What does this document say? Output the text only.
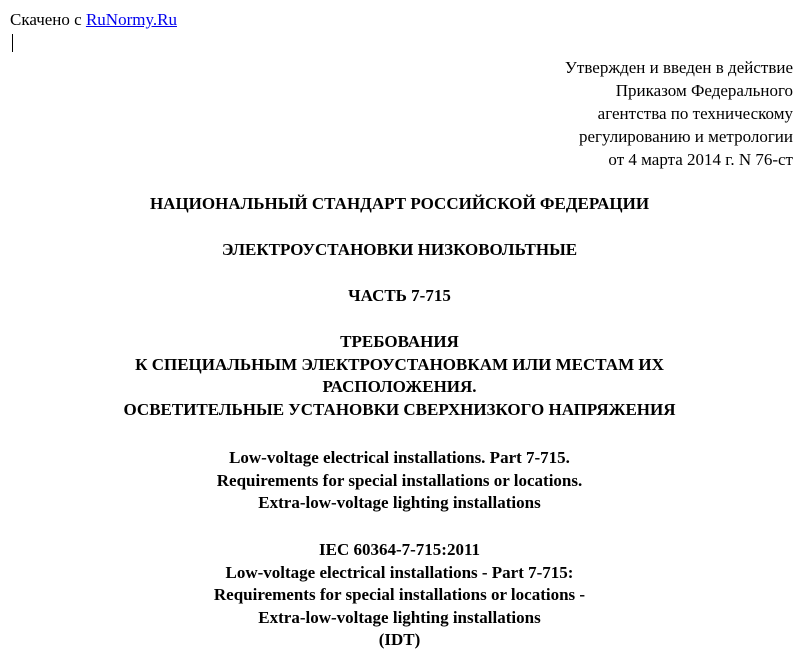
Скачено с RuNormy.Ru
Утвержден и введен в действие
Приказом Федерального
агентства по техническому
регулированию и метрологии
от 4 марта 2014 г. N 76-ст
НАЦИОНАЛЬНЫЙ СТАНДАРТ РОССИЙСКОЙ ФЕДЕРАЦИИ
ЭЛЕКТРОУСТАНОВКИ НИЗКОВОЛЬТНЫЕ
ЧАСТЬ 7-715
ТРЕБОВАНИЯ
К СПЕЦИАЛЬНЫМ ЭЛЕКТРОУСТАНОВКАМ ИЛИ МЕСТАМ ИХ
РАСПОЛОЖЕНИЯ.
ОСВЕТИТЕЛЬНЫЕ УСТАНОВКИ СВЕРХНИЗКОГО НАПРЯЖЕНИЯ
Low-voltage electrical installations. Part 7-715.
Requirements for special installations or locations.
Extra-low-voltage lighting installations
IEC 60364-7-715:2011
Low-voltage electrical installations - Part 7-715:
Requirements for special installations or locations -
Extra-low-voltage lighting installations
(IDT)
